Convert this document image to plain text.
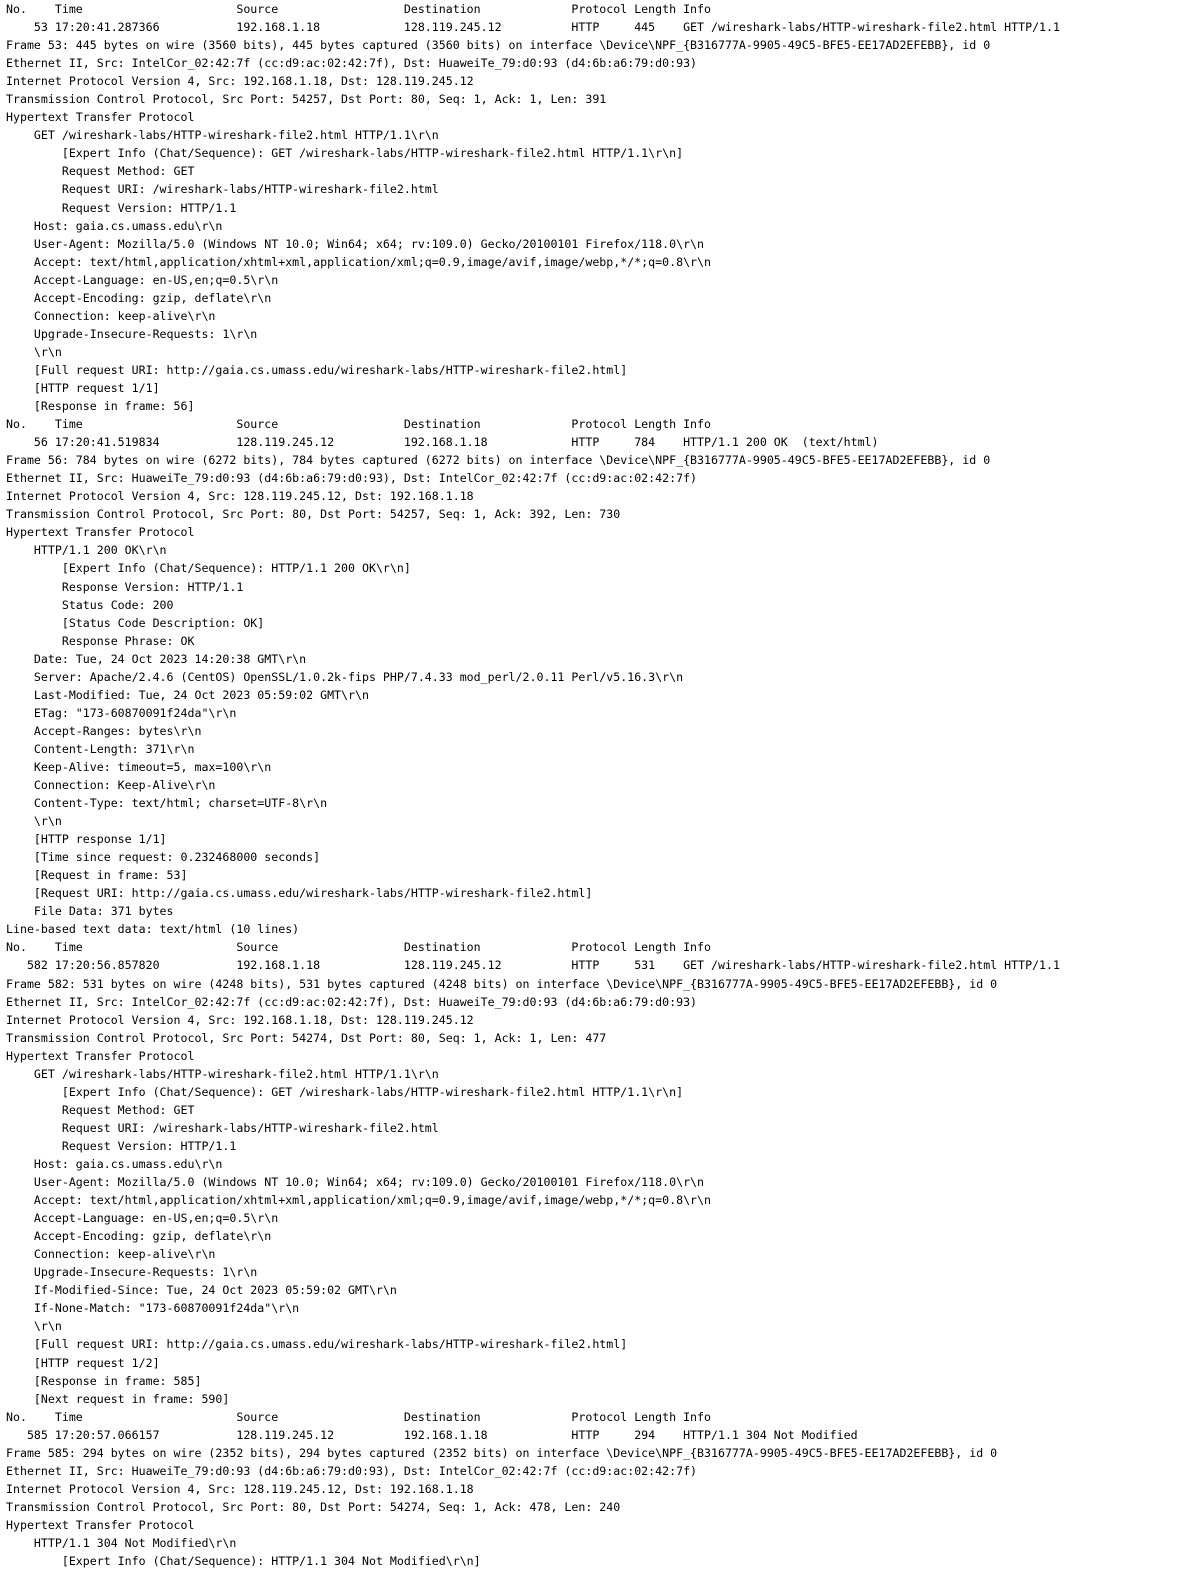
No.    Time                      Source                  Destination             Protocol Length Info
53 17:20:41.287366           192.168.1.18            128.119.245.12          HTTP     445    GET /wireshark-labs/HTTP-wireshark-file2.html HTTP/1.1
Frame 53: 445 bytes on wire (3560 bits), 445 bytes captured (3560 bits) on interface \Device\NPF_{B316777A-9905-49C5-BFE5-EE17AD2EFEBB}, id 0
Ethernet II, Src: IntelCor_02:42:7f (cc:d9:ac:02:42:7f), Dst: HuaweiTe_79:d0:93 (d4:6b:a6:79:d0:93)
Internet Protocol Version 4, Src: 192.168.1.18, Dst: 128.119.245.12
Transmission Control Protocol, Src Port: 54257, Dst Port: 80, Seq: 1, Ack: 1, Len: 391
Hypertext Transfer Protocol
GET /wireshark-labs/HTTP-wireshark-file2.html HTTP/1.1\r\n
[Expert Info (Chat/Sequence): GET /wireshark-labs/HTTP-wireshark-file2.html HTTP/1.1\r\n]
Request Method: GET
Request URI: /wireshark-labs/HTTP-wireshark-file2.html
Request Version: HTTP/1.1
Host: gaia.cs.umass.edu\r\n
User-Agent: Mozilla/5.0 (Windows NT 10.0; Win64; x64; rv:109.0) Gecko/20100101 Firefox/118.0\r\n
Accept: text/html,application/xhtml+xml,application/xml;q=0.9,image/avif,image/webp,*/*;q=0.8\r\n
Accept-Language: en-US,en;q=0.5\r\n
Accept-Encoding: gzip, deflate\r\n
Connection: keep-alive\r\n
Upgrade-Insecure-Requests: 1\r\n
\r\n
[Full request URI: http://gaia.cs.umass.edu/wireshark-labs/HTTP-wireshark-file2.html]
[HTTP request 1/1]
[Response in frame: 56]
No.    Time                      Source                  Destination             Protocol Length Info
56 17:20:41.519834           128.119.245.12          192.168.1.18            HTTP     784    HTTP/1.1 200 OK  (text/html)
Frame 56: 784 bytes on wire (6272 bits), 784 bytes captured (6272 bits) on interface \Device\NPF_{B316777A-9905-49C5-BFE5-EE17AD2EFEBB}, id 0
Ethernet II, Src: HuaweiTe_79:d0:93 (d4:6b:a6:79:d0:93), Dst: IntelCor_02:42:7f (cc:d9:ac:02:42:7f)
Internet Protocol Version 4, Src: 128.119.245.12, Dst: 192.168.1.18
Transmission Control Protocol, Src Port: 80, Dst Port: 54257, Seq: 1, Ack: 392, Len: 730
Hypertext Transfer Protocol
HTTP/1.1 200 OK\r\n
[Expert Info (Chat/Sequence): HTTP/1.1 200 OK\r\n]
Response Version: HTTP/1.1
Status Code: 200
[Status Code Description: OK]
Response Phrase: OK
Date: Tue, 24 Oct 2023 14:20:38 GMT\r\n
Server: Apache/2.4.6 (CentOS) OpenSSL/1.0.2k-fips PHP/7.4.33 mod_perl/2.0.11 Perl/v5.16.3\r\n
Last-Modified: Tue, 24 Oct 2023 05:59:02 GMT\r\n
ETag: "173-60870091f24da"\r\n
Accept-Ranges: bytes\r\n
Content-Length: 371\r\n
Keep-Alive: timeout=5, max=100\r\n
Connection: Keep-Alive\r\n
Content-Type: text/html; charset=UTF-8\r\n
\r\n
[HTTP response 1/1]
[Time since request: 0.232468000 seconds]
[Request in frame: 53]
[Request URI: http://gaia.cs.umass.edu/wireshark-labs/HTTP-wireshark-file2.html]
File Data: 371 bytes
Line-based text data: text/html (10 lines)
No.    Time                      Source                  Destination             Protocol Length Info
582 17:20:56.857820           192.168.1.18            128.119.245.12          HTTP     531    GET /wireshark-labs/HTTP-wireshark-file2.html HTTP/1.1
Frame 582: 531 bytes on wire (4248 bits), 531 bytes captured (4248 bits) on interface \Device\NPF_{B316777A-9905-49C5-BFE5-EE17AD2EFEBB}, id 0
Ethernet II, Src: IntelCor_02:42:7f (cc:d9:ac:02:42:7f), Dst: HuaweiTe_79:d0:93 (d4:6b:a6:79:d0:93)
Internet Protocol Version 4, Src: 192.168.1.18, Dst: 128.119.245.12
Transmission Control Protocol, Src Port: 54274, Dst Port: 80, Seq: 1, Ack: 1, Len: 477
Hypertext Transfer Protocol
GET /wireshark-labs/HTTP-wireshark-file2.html HTTP/1.1\r\n
[Expert Info (Chat/Sequence): GET /wireshark-labs/HTTP-wireshark-file2.html HTTP/1.1\r\n]
Request Method: GET
Request URI: /wireshark-labs/HTTP-wireshark-file2.html
Request Version: HTTP/1.1
Host: gaia.cs.umass.edu\r\n
User-Agent: Mozilla/5.0 (Windows NT 10.0; Win64; x64; rv:109.0) Gecko/20100101 Firefox/118.0\r\n
Accept: text/html,application/xhtml+xml,application/xml;q=0.9,image/avif,image/webp,*/*;q=0.8\r\n
Accept-Language: en-US,en;q=0.5\r\n
Accept-Encoding: gzip, deflate\r\n
Connection: keep-alive\r\n
Upgrade-Insecure-Requests: 1\r\n
If-Modified-Since: Tue, 24 Oct 2023 05:59:02 GMT\r\n
If-None-Match: "173-60870091f24da"\r\n
\r\n
[Full request URI: http://gaia.cs.umass.edu/wireshark-labs/HTTP-wireshark-file2.html]
[HTTP request 1/2]
[Response in frame: 585]
[Next request in frame: 590]
No.    Time                      Source                  Destination             Protocol Length Info
585 17:20:57.066157           128.119.245.12          192.168.1.18            HTTP     294    HTTP/1.1 304 Not Modified
Frame 585: 294 bytes on wire (2352 bits), 294 bytes captured (2352 bits) on interface \Device\NPF_{B316777A-9905-49C5-BFE5-EE17AD2EFEBB}, id 0
Ethernet II, Src: HuaweiTe_79:d0:93 (d4:6b:a6:79:d0:93), Dst: IntelCor_02:42:7f (cc:d9:ac:02:42:7f)
Internet Protocol Version 4, Src: 128.119.245.12, Dst: 192.168.1.18
Transmission Control Protocol, Src Port: 80, Dst Port: 54274, Seq: 1, Ack: 478, Len: 240
Hypertext Transfer Protocol
HTTP/1.1 304 Not Modified\r\n
[Expert Info (Chat/Sequence): HTTP/1.1 304 Not Modified\r\n]
